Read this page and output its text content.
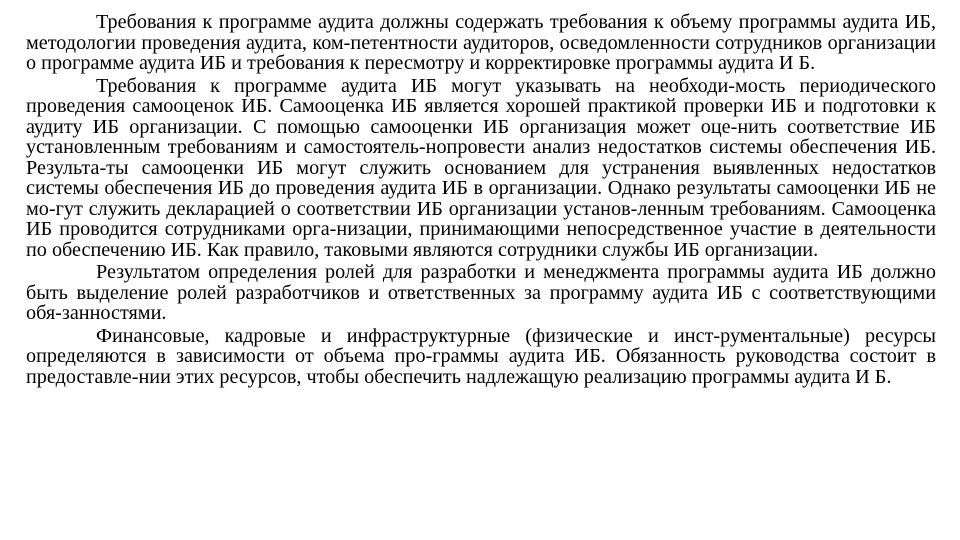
Требования к программе аудита должны содержать требования к объему программы аудита ИБ, методологии проведения аудита, ком-петентности аудиторов, осведомленности сотрудников организации о программе аудита ИБ и требования к пересмотру и корректировке программы аудита И Б.

Требования к программе аудита ИБ могут указывать на необходи-мость периодического проведения самооценок ИБ. Самооценка ИБ является хорошей практикой проверки ИБ и подготовки к аудиту ИБ организации. С помощью самооценки ИБ организация может оце-нить соответствие ИБ установленным требованиям и самостоятель-нопровести анализ недостатков системы обеспечения ИБ. Результа-ты самооценки ИБ могут служить основанием для устранения выявленных недостатков системы обеспечения ИБ до проведения аудита ИБ в организации. Однако результаты самооценки ИБ не мо-гут служить декларацией о соответствии ИБ организации установ-ленным требованиям. Самооценка ИБ проводится сотрудниками орга-низации, принимающими непосредственное участие в деятельности по обеспечению ИБ. Как правило, таковыми являются сотрудники службы ИБ организации.

Результатом определения ролей для разработки и менеджмента программы аудита ИБ должно быть выделение ролей разработчиков и ответственных за программу аудита ИБ с соответствующими обя-занностями.

Финансовые, кадровые и инфраструктурные (физические и инст-рументальные) ресурсы определяются в зависимости от объема про-граммы аудита ИБ. Обязанность руководства состоит в предоставле-нии этих ресурсов, чтобы обеспечить надлежащую реализацию программы аудита И Б.
